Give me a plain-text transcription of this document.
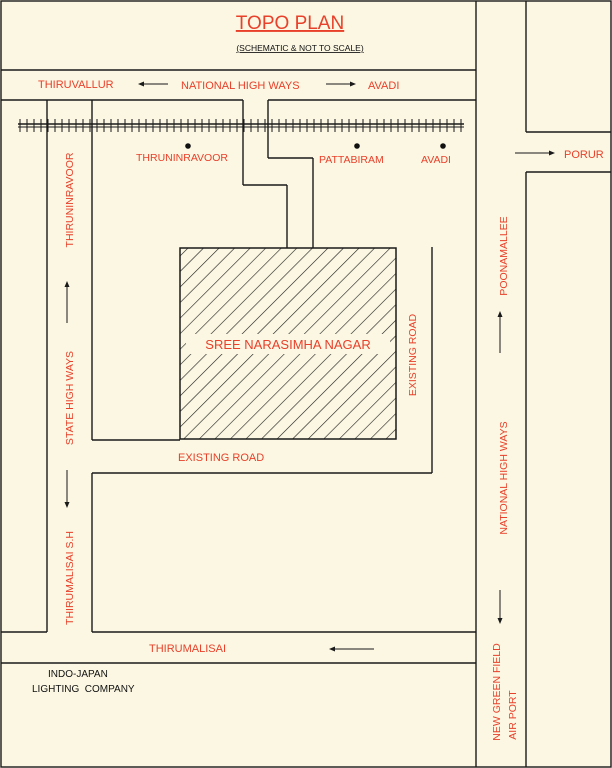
SREE NARASIMHA NAGAR
TOPO PLAN
(SCHEMATIC & NOT TO SCALE)
THIRUVALLUR	NATIONAL HIGH WAYS	AVADI
THRUNINRAVOOR	PATTABIRAM	AVADI	PORUR
THIRUNINRAVOOR
STATE HIGH WAYS
THIRUMALISAI S.H
POONAMALLEE
NATIONAL HIGH WAYS
NEW GREEN FIELD AIR PORT
EXISTING ROAD
EXISTING ROAD
THIRUMALISAI
INDO-JAPAN
LIGHTING  COMPANY
